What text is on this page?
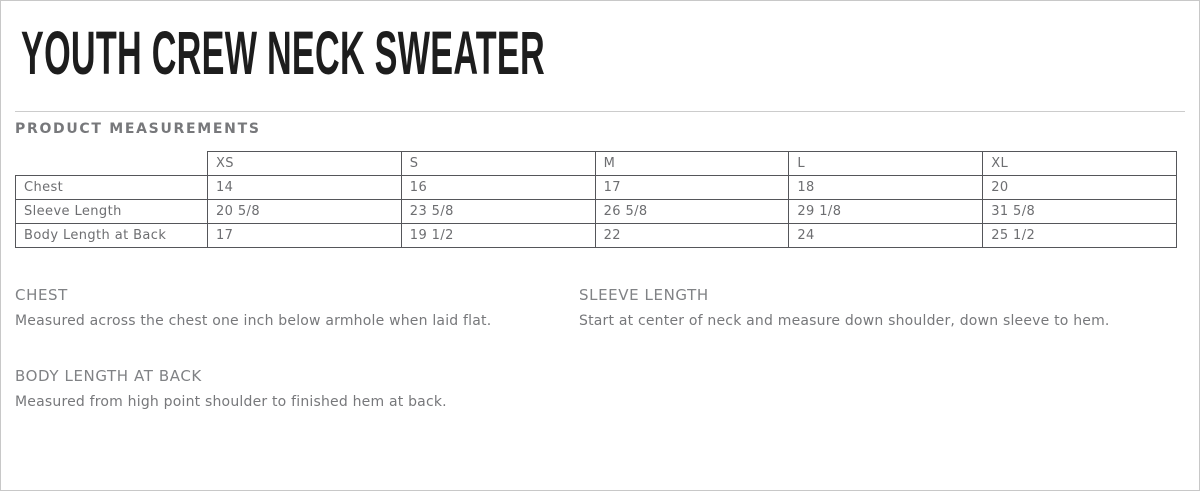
YOUTH CREW NECK SWEATER
PRODUCT MEASUREMENTS
	XS	S	M	L	XL
Chest	14	16	17	18	20
Sleeve Length	20 5/8	23 5/8	26 5/8	29 1/8	31 5/8
Body Length at Back	17	19 1/2	22	24	25 1/2
CHEST

Measured across the chest one inch below armhole when laid flat.

SLEEVE LENGTH

Start at center of neck and measure down shoulder, down sleeve to hem.

BODY LENGTH AT BACK

Measured from high point shoulder to finished hem at back.
